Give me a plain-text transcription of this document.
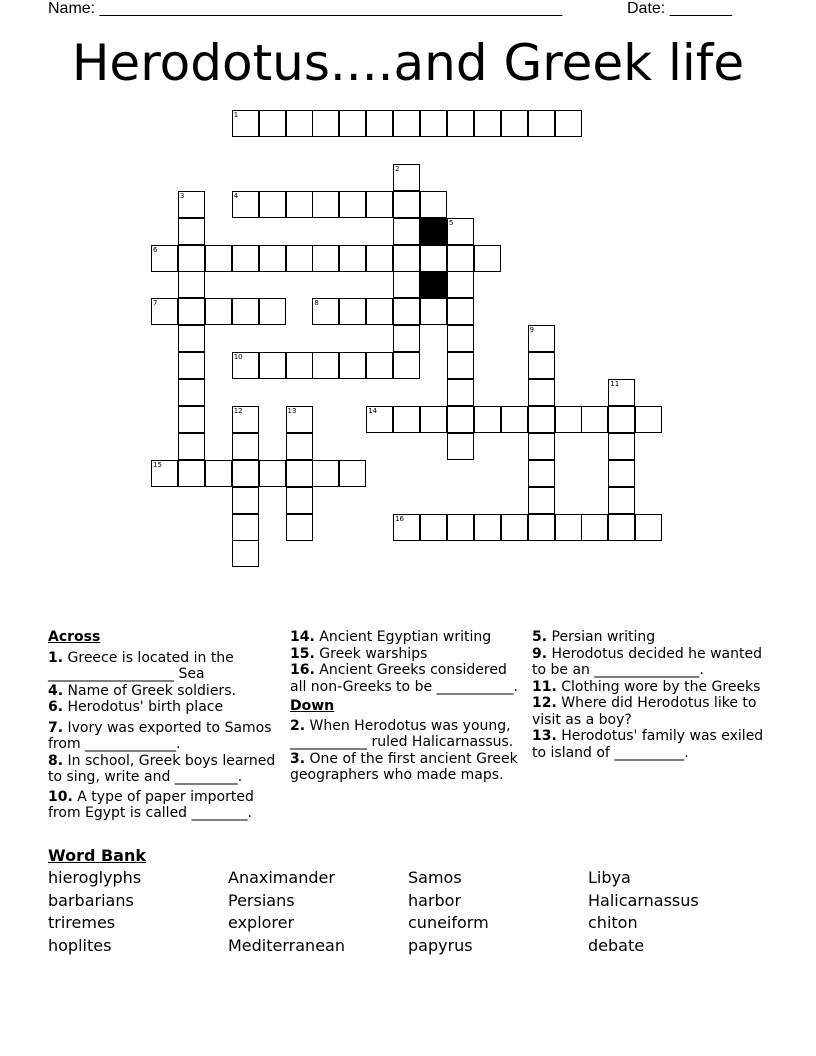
Name: ____________________________________________________	Date: _______
Herodotus....and Greek life
1
2
3	4
5
6
7	8
9
10
11
12	13	14
15
16
Across
1. Greece is located in the __________________ Sea
4. Name of Greek soldiers.
6. Herodotus' birth place
7. Ivory was exported to Samos from _____________.
8. In school, Greek boys learned to sing, write and _________.
10. A type of paper imported from Egypt is called ________.
14. Ancient Egyptian writing
15. Greek warships
16. Ancient Greeks considered all non-Greeks to be ___________.
Down
2. When Herodotus was young, ___________ ruled Halicarnassus.
3. One of the first ancient Greek geographers who made maps.
5. Persian writing
9. Herodotus decided he wanted to be an _______________.
11. Clothing wore by the Greeks
12. Where did Herodotus like to visit as a boy?
13. Herodotus' family was exiled to island of __________.
Word Bank
hieroglyphs	Anaximander	Samos	Libya
barbarians	Persians	harbor	Halicarnassus
triremes	explorer	cuneiform	chiton
hoplites	Mediterranean	papyrus	debate
